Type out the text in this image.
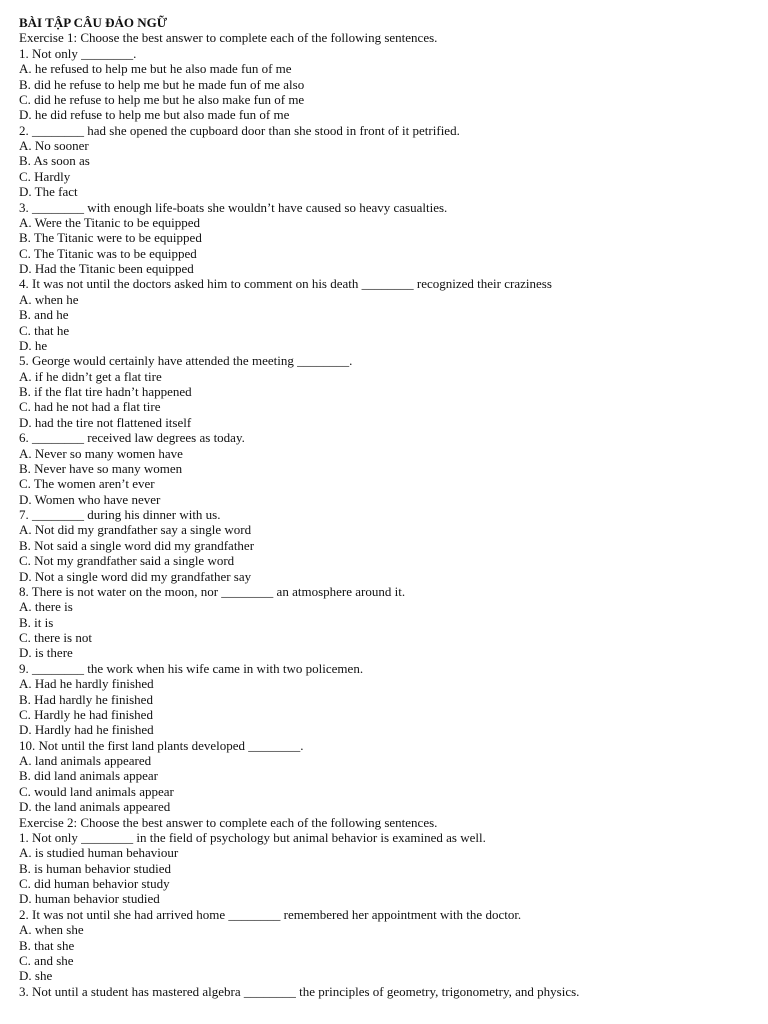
BÀI TẬP CÂU ĐẢO NGỮ
Exercise 1: Choose the best answer to complete each of the following sentences.
1. Not only ________.
A. he refused to help me but he also made fun of me
B. did he refuse to help me but he made fun of me also
C. did he refuse to help me but he also make fun of me
D. he did refuse to help me but also made fun of me
2. ________ had she opened the cupboard door than she stood in front of it petrified.
A. No sooner
B. As soon as
C. Hardly
D. The fact
3. ________ with enough life-boats she wouldn’t have caused so heavy casualties.
A. Were the Titanic to be equipped
B. The Titanic were to be equipped
C. The Titanic was to be equipped
D. Had the Titanic been equipped
4. It was not until the doctors asked him to comment on his death ________ recognized their craziness
A. when he
B. and he
C. that he
D. he
5. George would certainly have attended the meeting ________.
A. if he didn’t get a flat tire
B. if the flat tire hadn’t happened
C. had he not had a flat tire
D. had the tire not flattened itself
6. ________ received law degrees as today.
A. Never so many women have
B. Never have so many women
C. The women aren’t ever
D. Women who have never
7. ________ during his dinner with us.
A. Not did my grandfather say a single word
B. Not said a single word did my grandfather
C. Not my grandfather said a single word
D. Not a single word did my grandfather say
8. There is not water on the moon, nor ________ an atmosphere around it.
A. there is
B. it is
C. there is not
D. is there
9. ________ the work when his wife came in with two policemen.
A. Had he hardly finished
B. Had hardly he finished
C. Hardly he had finished
D. Hardly had he finished
10. Not until the first land plants developed ________.
A. land animals appeared
B. did land animals appear
C. would land animals appear
D. the land animals appeared
Exercise 2: Choose the best answer to complete each of the following sentences.
1. Not only ________ in the field of psychology but animal behavior is examined as well.
A. is studied human behaviour
B. is human behavior studied
C. did human behavior study
D. human behavior studied
2. It was not until she had arrived home ________ remembered her appointment with the doctor.
A. when she
B. that she
C. and she
D. she
3. Not until a student has mastered algebra ________ the principles of geometry, trigonometry, and physics.
